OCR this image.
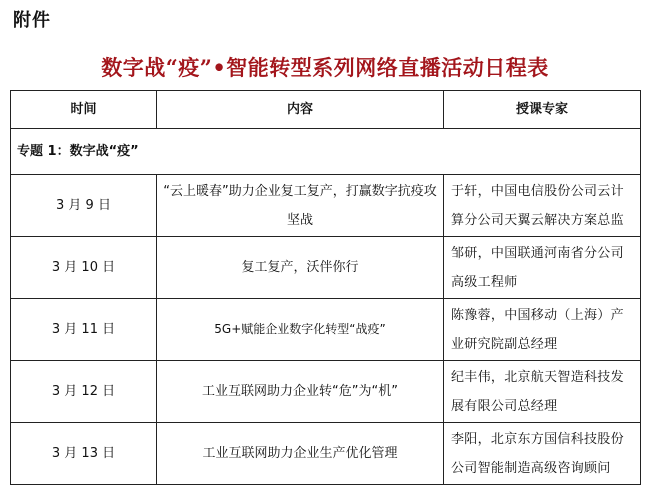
附件
数字战“疫”•智能转型系列网络直播活动日程表
时间	内容	授课专家
专题 1：数字战“疫”		
3 月 9 日	“云上暖春”助力企业复工复产，打赢数字抗疫攻坚战	于轩，中国电信股份公司云计算分公司天翼云解决方案总监
3 月 10 日	复工复产，沃伴你行	邹研，中国联通河南省分公司高级工程师
3 月 11 日	5G+赋能企业数字化转型“战疫”	陈豫蓉，中国移动（上海）产业研究院副总经理
3 月 12 日	工业互联网助力企业转“危”为“机”	纪丰伟，北京航天智造科技发展有限公司总经理
3 月 13 日	工业互联网助力企业生产优化管理	李阳，北京东方国信科技股份公司智能制造高级咨询顾问
